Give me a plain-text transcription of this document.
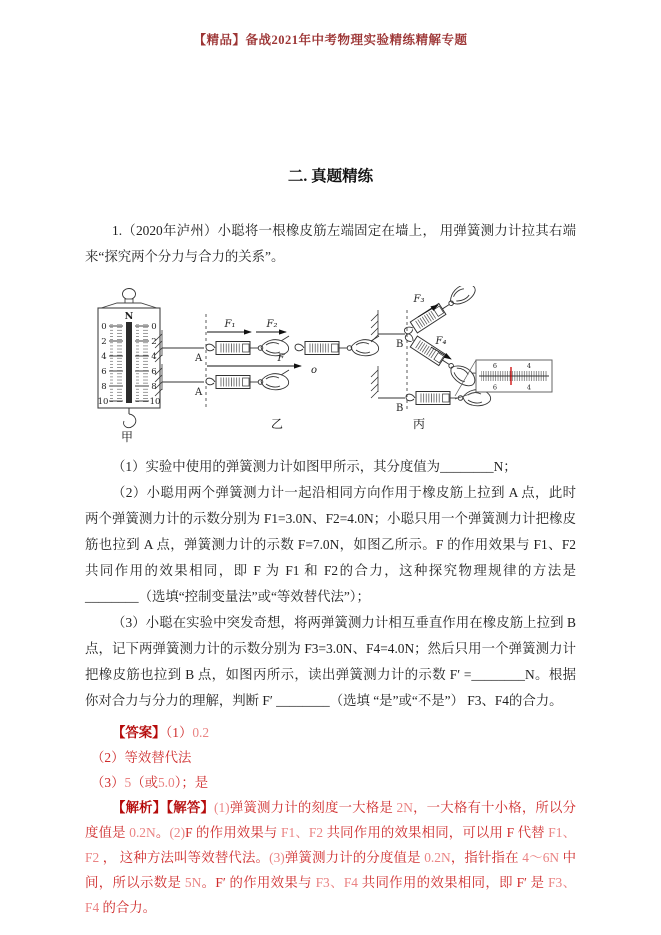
【精品】备战2021年中考物理实验精练精解专题
二. 真题精练

1.（2020年泸州）小聪将一根橡皮筋左端固定在墙上， 用弹簧测力计拉其右端来“探究两个分力与合力的关系”。

N
0	0
2	2
4	4
6	6
8	8
10	10
甲
A
F₁	F₂
o
A
F
乙
B
F₃
F₄
B
6	4
6	4
丙

（1）实验中使用的弹簧测力计如图甲所示，其分度值为________N；

（2）小聪用两个弹簧测力计一起沿相同方向作用于橡皮筋上拉到 A 点，此时两个弹簧测力计的示数分别为 F1=3.0N、F2=4.0N；小聪只用一个弹簧测力计把橡皮筋也拉到 A 点，弹簧测力计的示数 F=7.0N，如图乙所示。F 的作用效果与 F1、F2共同作用的效果相同，即 F 为 F1 和 F2的合力，这种探究物理规律的方法是________（选填“控制变量法”或“等效替代法”）；

（3）小聪在实验中突发奇想，将两弹簧测力计相互垂直作用在橡皮筋上拉到 B 点，记下两弹簧测力计的示数分别为 F3=3.0N、F4=4.0N；然后只用一个弹簧测力计把橡皮筋也拉到 B 点，如图丙所示，读出弹簧测力计的示数 F′ =________N。根据你对合力与分力的理解，判断 F′ ________（选填 “是”或“不是”） F3、F4的合力。

【答案】（1）0.2

（2）等效替代法

（3）5（或5.0）；是

【解析】【解答】(1)弹簧测力计的刻度一大格是 2N，一大格有十小格，所以分度值是 0.2N。(2)F 的作用效果与 F1、F2 共同作用的效果相同，可以用 F 代替 F1、F2 ， 这种方法叫等效替代法。(3)弹簧测力计的分度值是 0.2N，指针指在 4～6N 中间，所以示数是 5N。F′ 的作用效果与 F3、F4 共同作用的效果相同，即 F′ 是 F3、F4 的合力。
